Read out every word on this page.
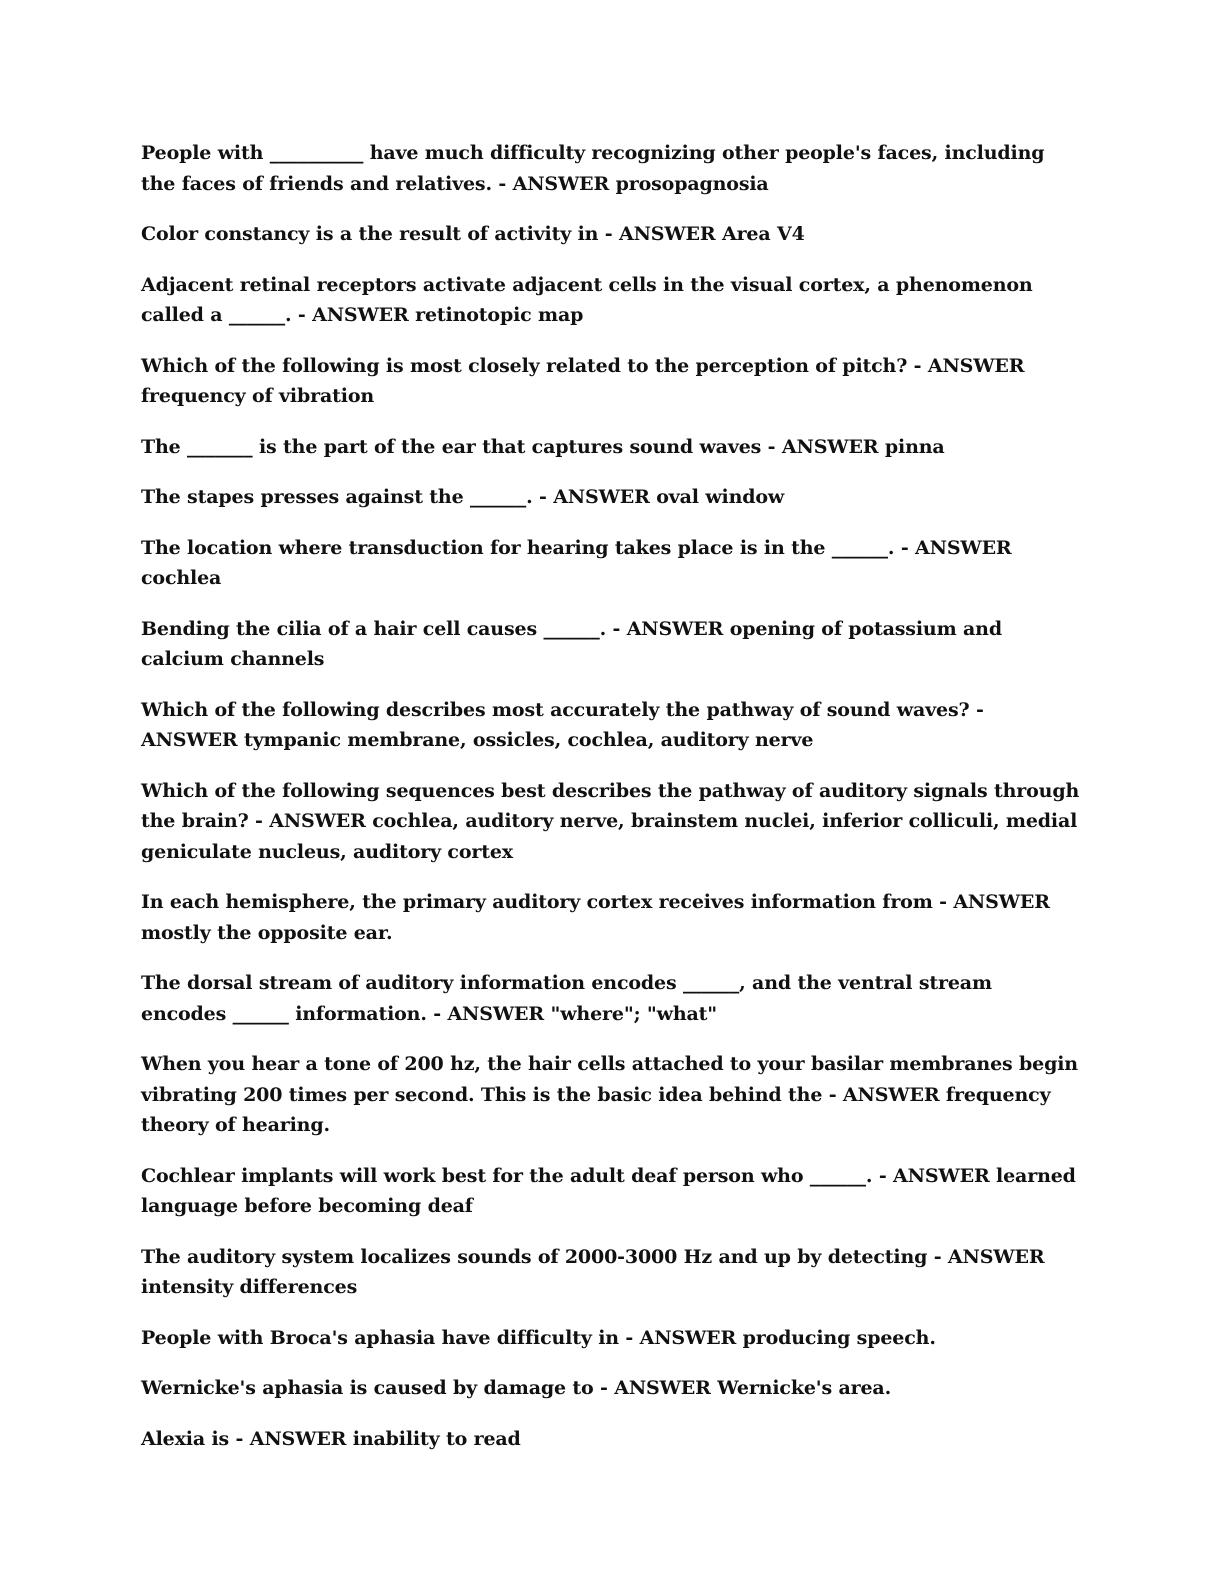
People with __________ have much difficulty recognizing other people's faces, including the faces of friends and relatives. - ANSWER prosopagnosia

Color constancy is a the result of activity in - ANSWER Area V4

Adjacent retinal receptors activate adjacent cells in the visual cortex, a phenomenon called a ______. - ANSWER retinotopic map

Which of the following is most closely related to the perception of pitch? - ANSWER frequency of vibration

The _______ is the part of the ear that captures sound waves - ANSWER pinna

The stapes presses against the ______. - ANSWER oval window

The location where transduction for hearing takes place is in the ______. - ANSWER cochlea

Bending the cilia of a hair cell causes ______. - ANSWER opening of potassium and calcium channels

Which of the following describes most accurately the pathway of sound waves? - ANSWER tympanic membrane, ossicles, cochlea, auditory nerve

Which of the following sequences best describes the pathway of auditory signals through the brain? - ANSWER cochlea, auditory nerve, brainstem nuclei, inferior colliculi, medial geniculate nucleus, auditory cortex

In each hemisphere, the primary auditory cortex receives information from - ANSWER mostly the opposite ear.

The dorsal stream of auditory information encodes ______, and the ventral stream encodes ______ information. - ANSWER "where"; "what"

When you hear a tone of 200 hz, the hair cells attached to your basilar membranes begin vibrating 200 times per second. This is the basic idea behind the - ANSWER frequency theory of hearing.

Cochlear implants will work best for the adult deaf person who ______. - ANSWER learned language before becoming deaf

The auditory system localizes sounds of 2000-3000 Hz and up by detecting - ANSWER intensity differences

People with Broca's aphasia have difficulty in - ANSWER producing speech.

Wernicke's aphasia is caused by damage to - ANSWER Wernicke's area.

Alexia is - ANSWER inability to read
